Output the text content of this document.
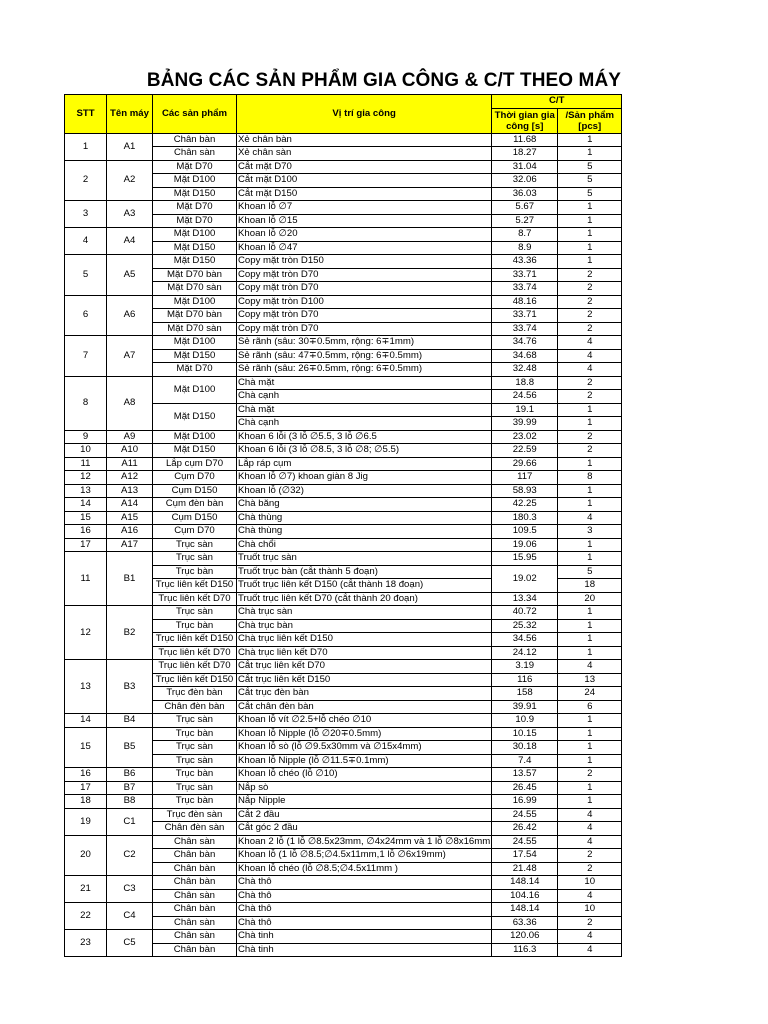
BẢNG CÁC SẢN PHẨM GIA CÔNG & C/T THEO MÁY
STT	Tên máy	Các sản phẩm	Vị trí gia công	C/T	
				Thời gian gia công [s]	/Sản phẩm [pcs]
1	A1	Chân bàn	Xẻ chân bàn	11.68	1
		Chân sàn	Xẻ chân sàn	18.27	1
2	A2	Mặt D70	Cắt mặt D70	31.04	5
		Mặt D100	Cắt mặt D100	32.06	5
		Mặt D150	Cắt mặt D150	36.03	5
3	A3	Mặt D70	Khoan lỗ ∅7	5.67	1
		Mặt D70	Khoan lỗ ∅15	5.27	1
4	A4	Mặt D100	Khoan lỗ ∅20	8.7	1
		Mặt D150	Khoan lỗ ∅47	8.9	1
5	A5	Mặt D150	Copy mặt tròn D150	43.36	1
		Mặt D70 bàn	Copy mặt tròn D70	33.71	2
		Mặt D70 sàn	Copy mặt tròn D70	33.74	2
6	A6	Mặt D100	Copy mặt tròn D100	48.16	2
		Mặt D70 bàn	Copy mặt tròn D70	33.71	2
		Mặt D70 sàn	Copy mặt tròn D70	33.74	2
7	A7	Mặt D100	Sẻ rãnh (sâu: 30∓0.5mm, rộng: 6∓1mm)	34.76	4
		Mặt D150	Sẻ rãnh (sâu: 47∓0.5mm, rộng: 6∓0.5mm)	34.68	4
		Mặt D70	Sẻ rãnh (sâu: 26∓0.5mm, rộng: 6∓0.5mm)	32.48	4
8	A8	Mặt D100	Chà mặt	18.8	2
			Chà cạnh	24.56	2
		Mặt D150	Chà mặt	19.1	1
			Chà cạnh	39.99	1
9	A9	Mặt D100	Khoan 6 lỗi (3 lỗ ∅5.5, 3 lỗ ∅6.5	23.02	2
10	A10	Mặt D150	Khoan 6 lỗi (3 lỗ ∅8.5, 3 lỗ ∅8; ∅5.5)	22.59	2
11	A11	Lắp cụm D70	Lắp ráp cụm	29.66	1
12	A12	Cụm D70	Khoan lỗ ∅7) khoan giàn 8 Jig	117	8
13	A13	Cụm D150	Khoan lỗ (∅32)	58.93	1
14	A14	Cụm đèn bàn	Chà băng	42.25	1
15	A15	Cụm D150	Chà thùng	180.3	4
16	A16	Cụm D70	Chà thùng	109.5	3
17	A17	Trục sàn	Chà chổi	19.06	1
11	B1	Trục sàn	Truốt trục sàn	15.95	1
		Trục bàn	Truốt trục bàn (cắt thành 5 đoạn)	19.02	5
		Trục liên kết D150	Truốt trục liên kết D150 (cắt thành 18 đoạn)		18
		Trục liên kết D70	Truốt trục liên kết D70 (cắt thành 20 đoạn)	13.34	20
12	B2	Trục sàn	Chà trục sàn	40.72	1
		Trục bàn	Chà trục bàn	25.32	1
		Trục liên kết D150	Chà trục liên kết D150	34.56	1
		Trục liên kết D70	Chà trục liên kết D70	24.12	1
13	B3	Trục liên kết D70	Cắt trục liên kết D70	3.19	4
		Trục liên kết D150	Cắt trục liên kết D150	116	13
		Trục đèn bàn	Cắt trục đèn bàn	158	24
		Chân đèn bàn	Cắt chân đèn bàn	39.91	6
14	B4	Trục sàn	Khoan lỗ vít ∅2.5+lỗ chéo ∅10	10.9	1
15	B5	Trục bàn	Khoan lỗ Nipple (lỗ ∅20∓0.5mm)	10.15	1
		Trục sàn	Khoan lỗ sò (lỗ ∅9.5x30mm và ∅15x4mm)	30.18	1
		Trục sàn	Khoan lỗ Nipple (lỗ ∅11.5∓0.1mm)	7.4	1
16	B6	Trục bàn	Khoan lỗ chéo (lỗ ∅10)	13.57	2
17	B7	Trục sàn	Nắp sò	26.45	1
18	B8	Trục bàn	Nắp Nipple	16.99	1
19	C1	Trục đèn sàn	Cắt 2 đầu	24.55	4
		Chân đèn sàn	Cắt góc 2 đầu	26.42	4
20	C2	Chân sàn	Khoan 2 lỗ (1 lỗ ∅8.5x23mm, ∅4x24mm và 1 lỗ ∅8x16mm	24.55	4
		Chân bàn	Khoan lỗ (1 lỗ ∅8.5;∅4.5x11mm,1 lỗ ∅6x19mm)	17.54	2
		Chân bàn	Khoan lỗ chéo (lỗ ∅8.5;∅4.5x11mm )	21.48	2
21	C3	Chân bàn	Chà thô	148.14	10
		Chân sàn	Chà thô	104.16	4
22	C4	Chân bàn	Chà thô	148.14	10
		Chân sàn	Chà thô	63.36	2
23	C5	Chân sàn	Chà tinh	120.06	4
		Chân bàn	Chà tinh	116.3	4
